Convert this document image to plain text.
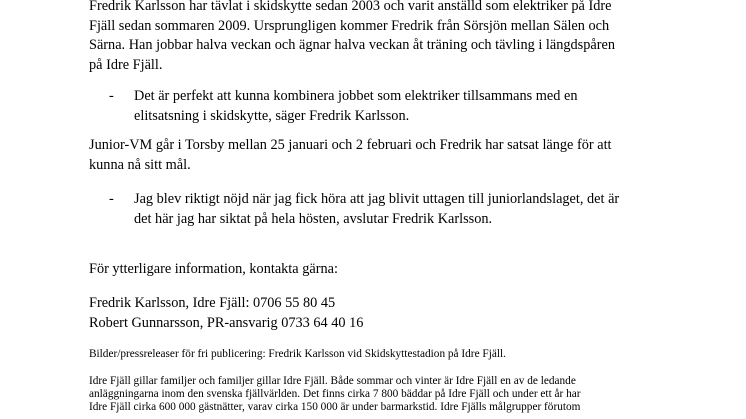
Fredrik Karlsson har tävlat i skidskytte sedan 2003 och varit anställd som elektriker på Idre
Fjäll sedan sommaren 2009. Ursprungligen kommer Fredrik från Sörsjön mellan Sälen och
Särna. Han jobbar halva veckan och ägnar halva veckan åt träning och tävling i längdspåren
på Idre Fjäll.
- Det är perfekt att kunna kombinera jobbet som elektriker tillsammans med en
elitsatsning i skidskytte, säger Fredrik Karlsson.
Junior-VM går i Torsby mellan 25 januari och 2 februari och Fredrik har satsat länge för att
kunna nå sitt mål.
- Jag blev riktigt nöjd när jag fick höra att jag blivit uttagen till juniorlandslaget, det är
det här jag har siktat på hela hösten, avslutar Fredrik Karlsson.
För ytterligare information, kontakta gärna:
Fredrik Karlsson, Idre Fjäll: 0706 55 80 45
Robert Gunnarsson, PR-ansvarig 0733 64 40 16
Bilder/pressreleaser för fri publicering: Fredrik Karlsson vid Skidskyttestadion på Idre Fjäll.
Idre Fjäll gillar familjer och familjer gillar Idre Fjäll. Både sommar och vinter är Idre Fjäll en av de ledande
anläggningarna inom den svenska fjällvärlden. Det finns cirka 7 800 bäddar på Idre Fjäll och under ett år har
Idre Fjäll cirka 600 000 gästnätter, varav cirka 150 000 är under barmarkstid. Idre Fjälls målgrupper förutom
